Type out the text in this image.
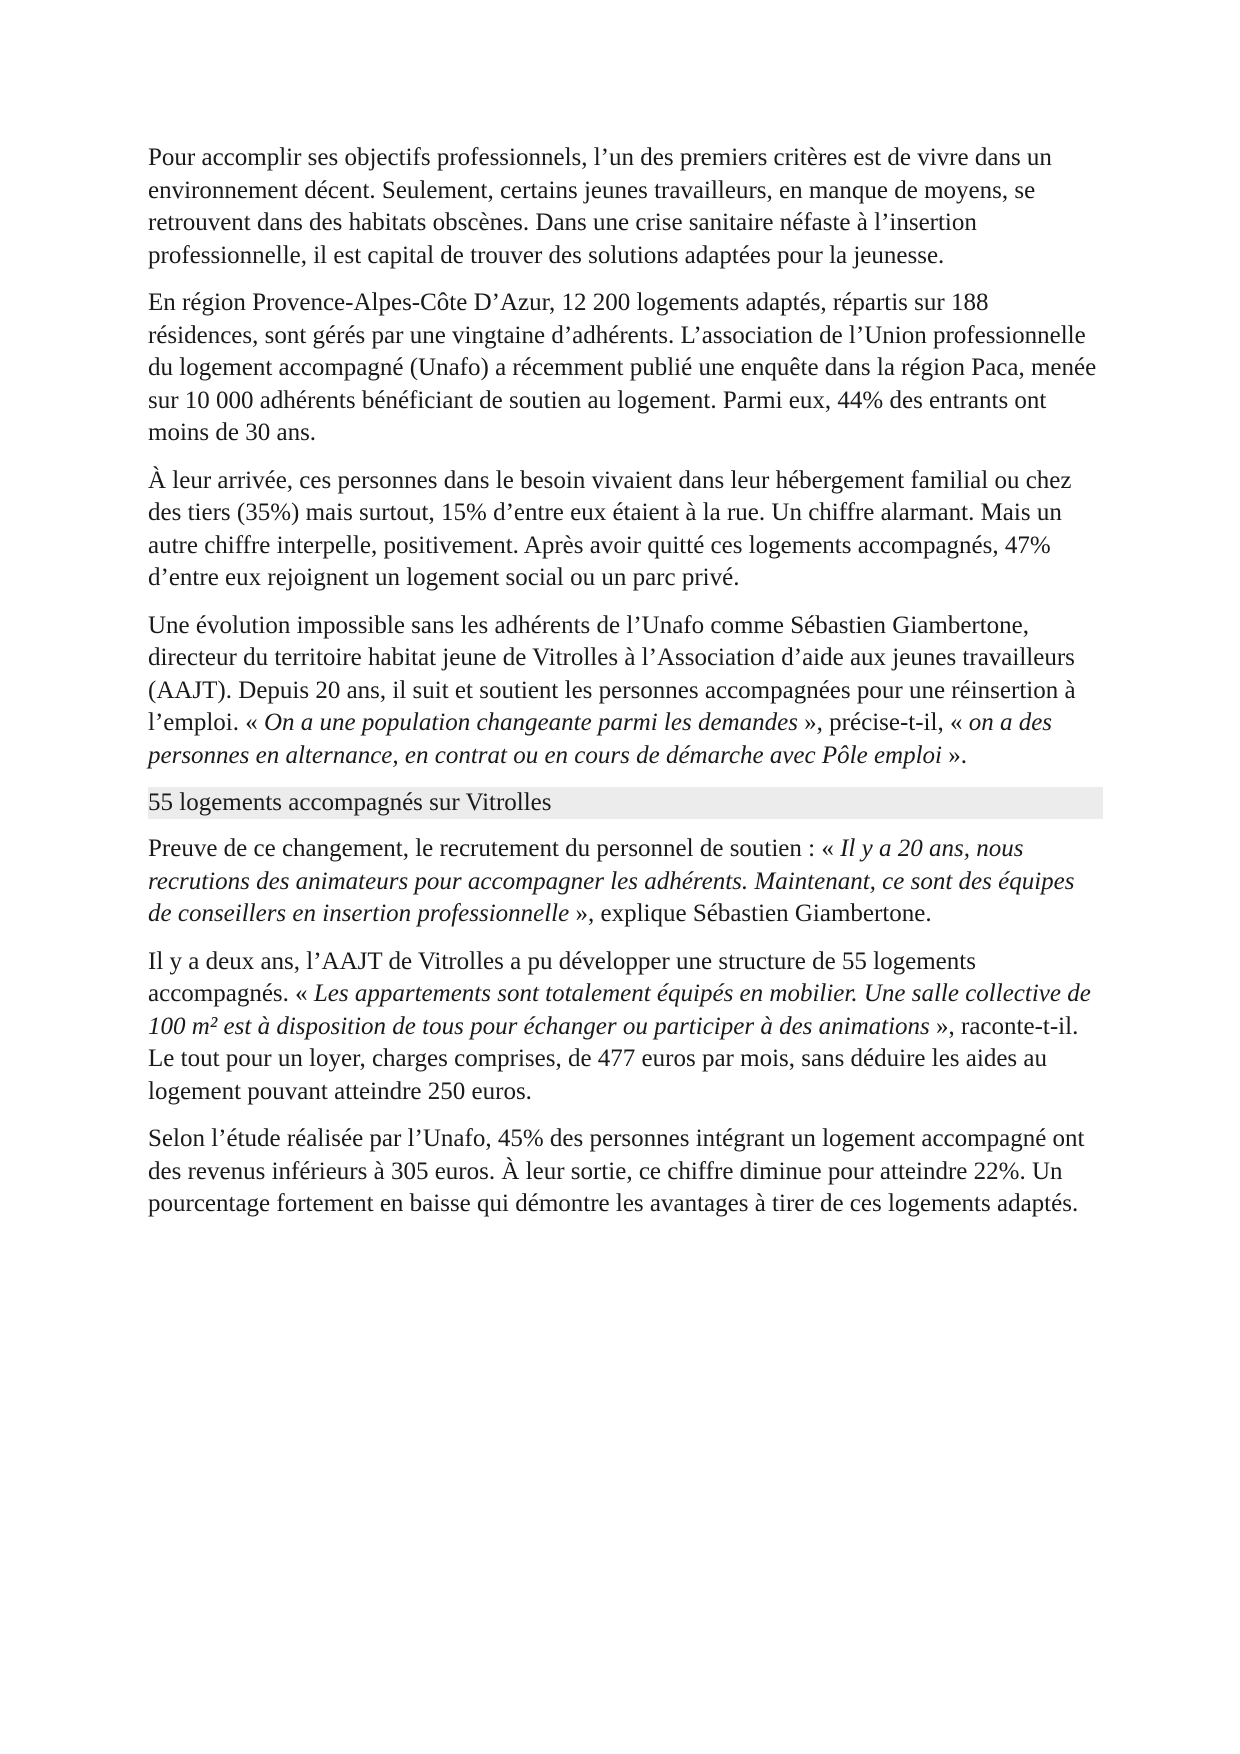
Pour accomplir ses objectifs professionnels, l’un des premiers critères est de vivre dans un environnement décent. Seulement, certains jeunes travailleurs, en manque de moyens, se retrouvent dans des habitats obscènes. Dans une crise sanitaire néfaste à l’insertion professionnelle, il est capital de trouver des solutions adaptées pour la jeunesse.

En région Provence-Alpes-Côte D’Azur, 12 200 logements adaptés, répartis sur 188 résidences, sont gérés par une vingtaine d’adhérents. L’association de l’Union professionnelle du logement accompagné (Unafo) a récemment publié une enquête dans la région Paca, menée sur 10 000 adhérents bénéficiant de soutien au logement. Parmi eux, 44% des entrants ont moins de 30 ans.

À leur arrivée, ces personnes dans le besoin vivaient dans leur hébergement familial ou chez des tiers (35%) mais surtout, 15% d’entre eux étaient à la rue. Un chiffre alarmant. Mais un autre chiffre interpelle, positivement. Après avoir quitté ces logements accompagnés, 47% d’entre eux rejoignent un logement social ou un parc privé.

Une évolution impossible sans les adhérents de l’Unafo comme Sébastien Giambertone, directeur du territoire habitat jeune de Vitrolles à l’Association d’aide aux jeunes travailleurs (AAJT). Depuis 20 ans, il suit et soutient les personnes accompagnées pour une réinsertion à l’emploi. « On a une population changeante parmi les demandes », précise-t-il, « on a des personnes en alternance, en contrat ou en cours de démarche avec Pôle emploi ».

55 logements accompagnés sur Vitrolles

Preuve de ce changement, le recrutement du personnel de soutien : « Il y a 20 ans, nous recrutions des animateurs pour accompagner les adhérents. Maintenant, ce sont des équipes de conseillers en insertion professionnelle », explique Sébastien Giambertone.

Il y a deux ans, l’AAJT de Vitrolles a pu développer une structure de 55 logements accompagnés. « Les appartements sont totalement équipés en mobilier. Une salle collective de 100 m² est à disposition de tous pour échanger ou participer à des animations », raconte-t-il. Le tout pour un loyer, charges comprises, de 477 euros par mois, sans déduire les aides au logement pouvant atteindre 250 euros.

Selon l’étude réalisée par l’Unafo, 45% des personnes intégrant un logement accompagné ont des revenus inférieurs à 305 euros. À leur sortie, ce chiffre diminue pour atteindre 22%. Un pourcentage fortement en baisse qui démontre les avantages à tirer de ces logements adaptés.
